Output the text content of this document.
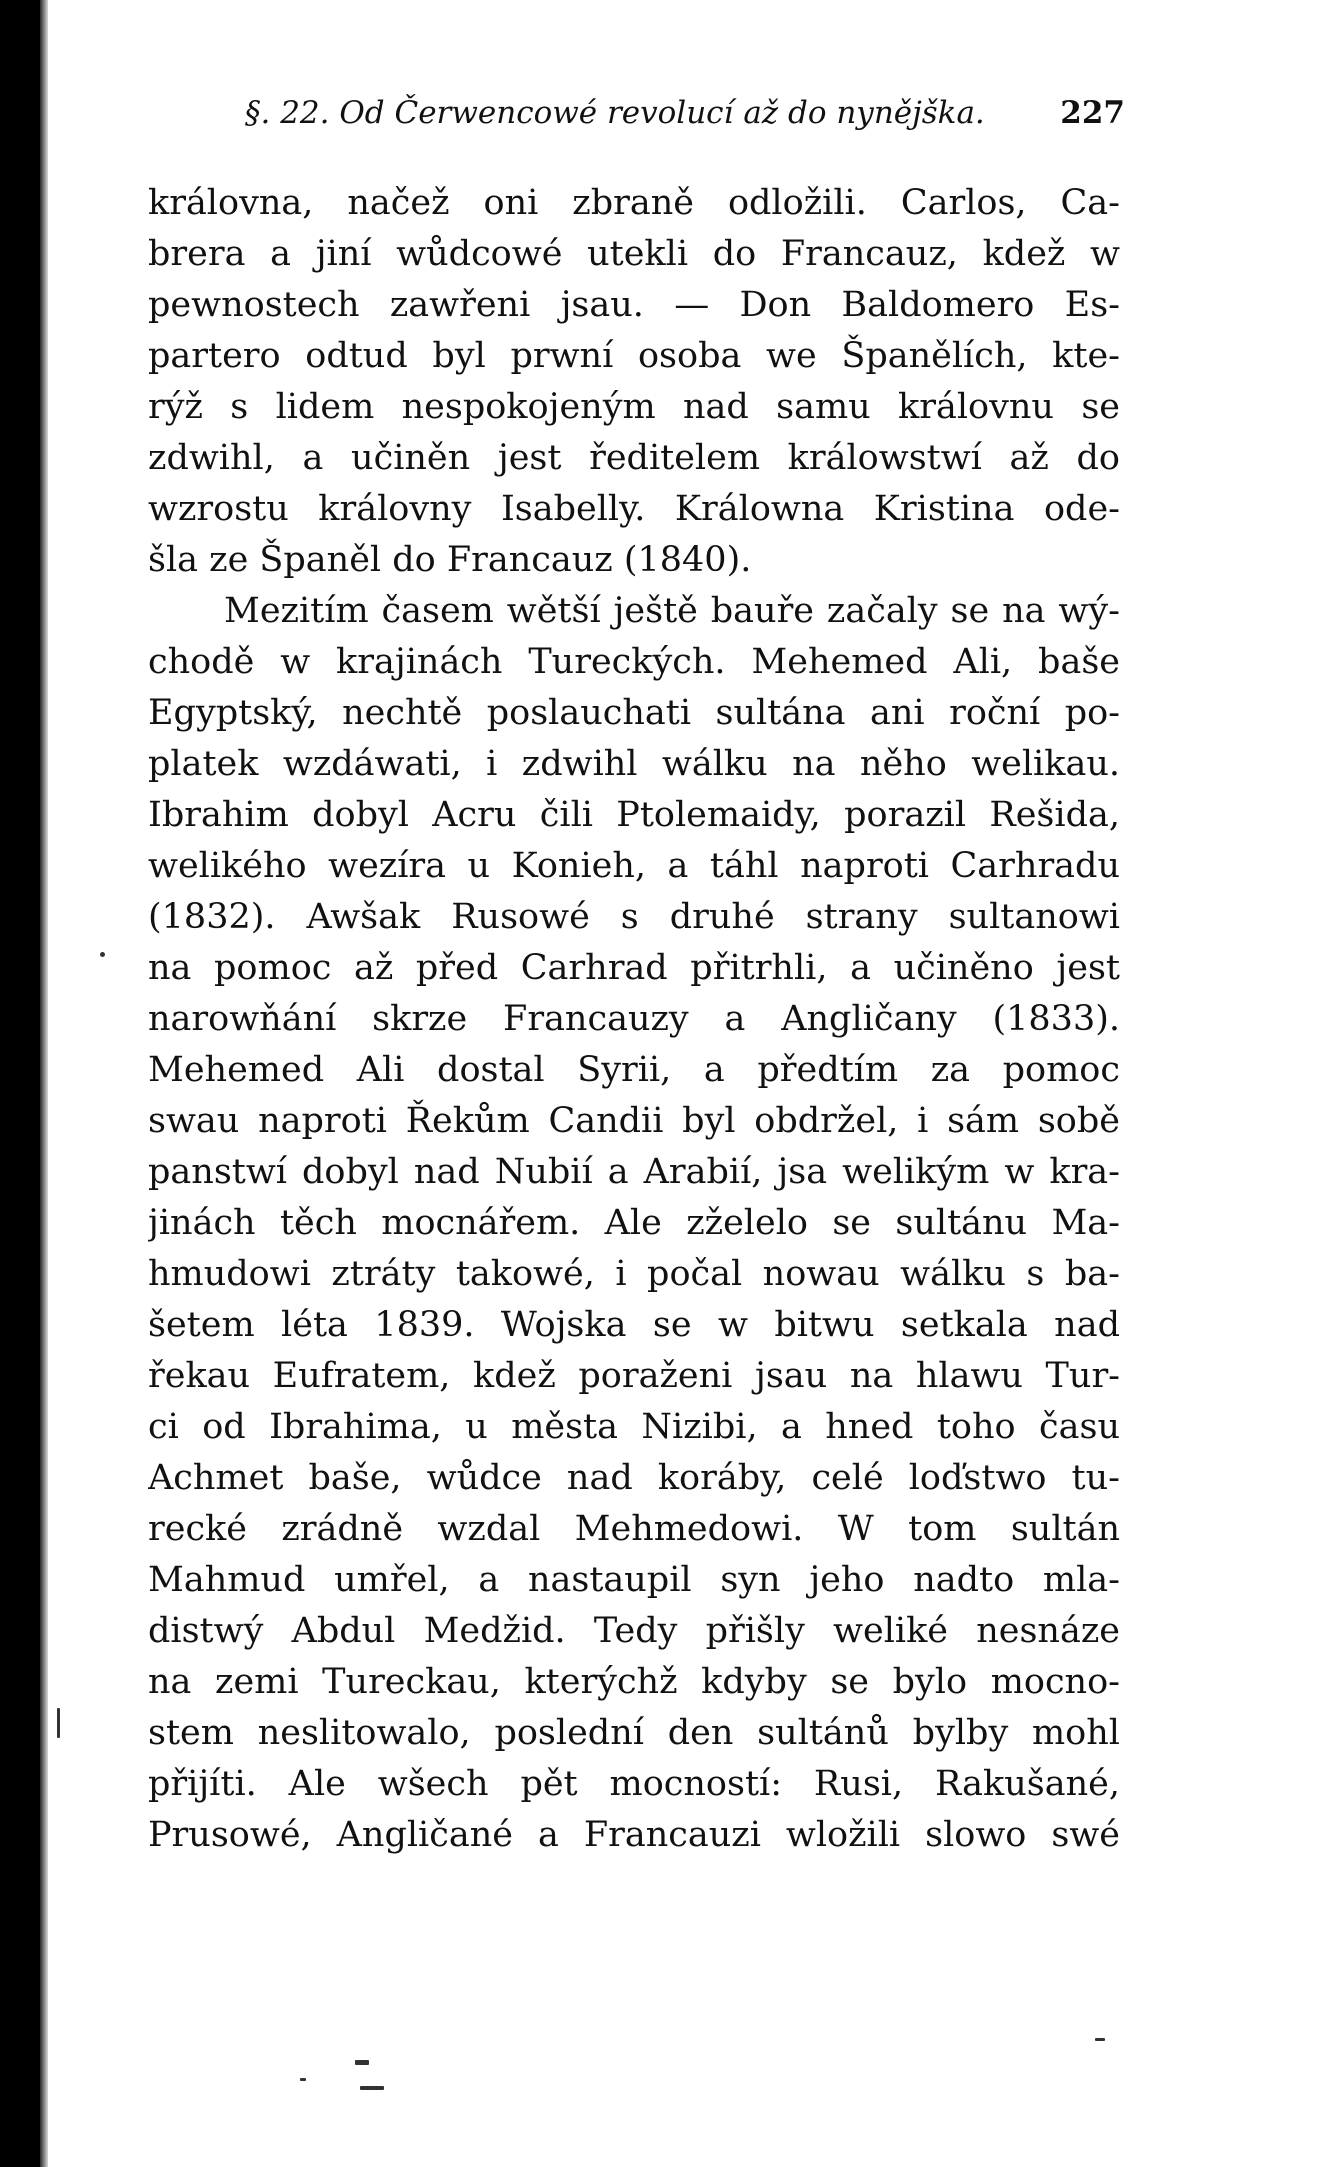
§. 22. Od Čerwencowé revolucí až do nynějška. 227
královna, načež oni zbraně odložili. Carlos, Ca-
brera a jiní wůdcowé utekli do Francauz, kdež w
pewnostech zawřeni jsau. — Don Baldomero Es-
partero odtud byl prwní osoba we Španělích, kte-
rýž s lidem nespokojeným nad samu královnu se
zdwihl, a učiněn jest ředitelem králowstwí až do
wzrostu královny Isabelly. Králowna Kristina ode-
šla ze Španěl do Francauz (1840).
Mezitím časem wětší ještě bauře začaly se na wý-
chodě w krajinách Tureckých. Mehemed Ali, baše
Egyptský, nechtě poslauchati sultána ani roční po-
platek wzdáwati, i zdwihl wálku na něho welikau.
Ibrahim dobyl Acru čili Ptolemaidy, porazil Rešida,
welikého wezíra u Konieh, a táhl naproti Carhradu
(1832). Awšak Rusowé s druhé strany sultanowi
na pomoc až před Carhrad přitrhli, a učiněno jest
narowňání skrze Francauzy a Angličany (1833).
Mehemed Ali dostal Syrii, a předtím za pomoc
swau naproti Řekům Candii byl obdržel, i sám sobě
panstwí dobyl nad Nubií a Arabií, jsa welikým w kra-
jinách těch mocnářem. Ale zželelo se sultánu Ma-
hmudowi ztráty takowé, i počal nowau wálku s ba-
šetem léta 1839. Wojska se w bitwu setkala nad
řekau Eufratem, kdež poraženi jsau na hlawu Tur-
ci od Ibrahima, u města Nizibi, a hned toho času
Achmet baše, wůdce nad koráby, celé loďstwo tu-
recké zrádně wzdal Mehmedowi. W tom sultán
Mahmud umřel, a nastaupil syn jeho nadto mla-
distwý Abdul Medžid. Tedy přišly weliké nesnáze
na zemi Tureckau, kterýchž kdyby se bylo mocno-
stem neslitowalo, poslední den sultánů bylby mohl
přijíti. Ale wšech pět mocností: Rusi, Rakušané,
Prusowé, Angličané a Francauzi wložili slowo swé
